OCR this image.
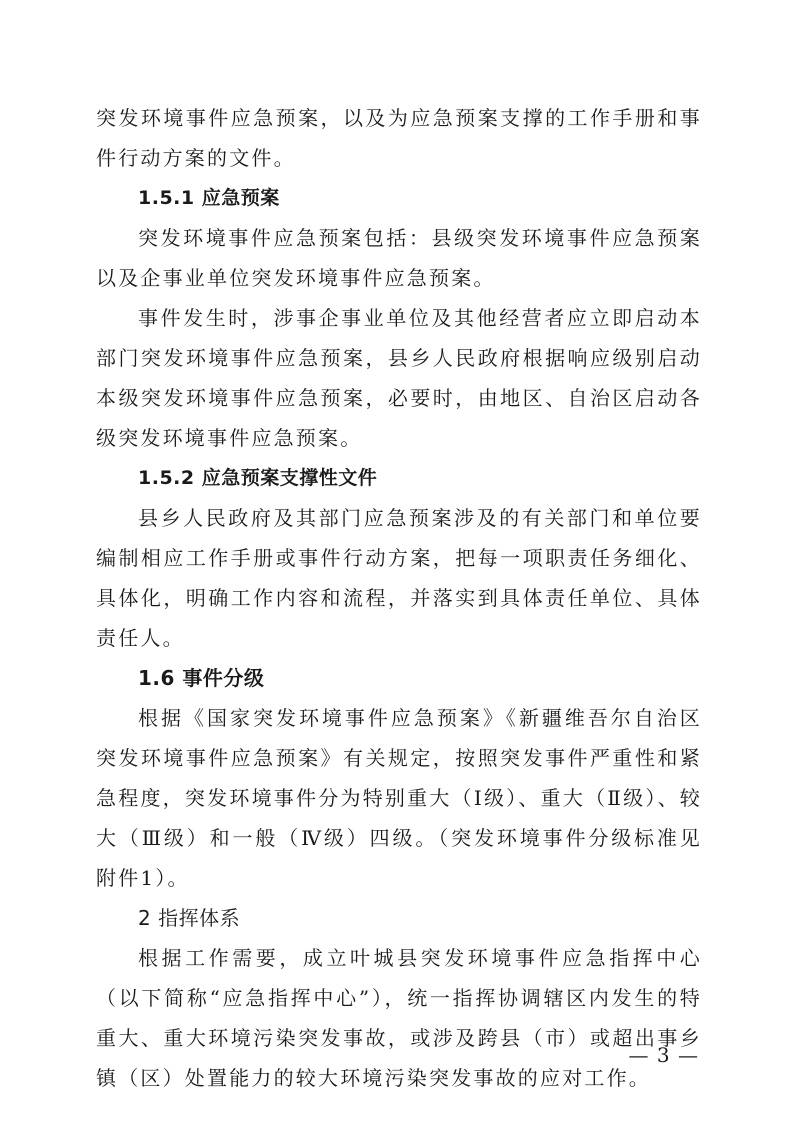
突发环境事件应急预案，以及为应急预案支撑的工作手册和事件行动方案的文件。

1.5.1 应急预案

突发环境事件应急预案包括：县级突发环境事件应急预案以及企事业单位突发环境事件应急预案。

事件发生时，涉事企事业单位及其他经营者应立即启动本部门突发环境事件应急预案，县乡人民政府根据响应级别启动本级突发环境事件应急预案，必要时，由地区、自治区启动各级突发环境事件应急预案。

1.5.2 应急预案支撑性文件

县乡人民政府及其部门应急预案涉及的有关部门和单位要编制相应工作手册或事件行动方案，把每一项职责任务细化、具体化，明确工作内容和流程，并落实到具体责任单位、具体责任人。

1.6 事件分级

根据《国家突发环境事件应急预案》《新疆维吾尔自治区突发环境事件应急预案》有关规定，按照突发事件严重性和紧急程度，突发环境事件分为特别重大（Ⅰ级）、重大（Ⅱ级）、较大（Ⅲ级）和一般（Ⅳ级）四级。（突发环境事件分级标准见附件1）。

2 指挥体系

根据工作需要，成立叶城县突发环境事件应急指挥中心（以下简称“应急指挥中心”），统一指挥协调辖区内发生的特重大、重大环境污染突发事故，或涉及跨县（市）或超出事乡镇（区）处置能力的较大环境污染突发事故的应对工作。

— 3 —
